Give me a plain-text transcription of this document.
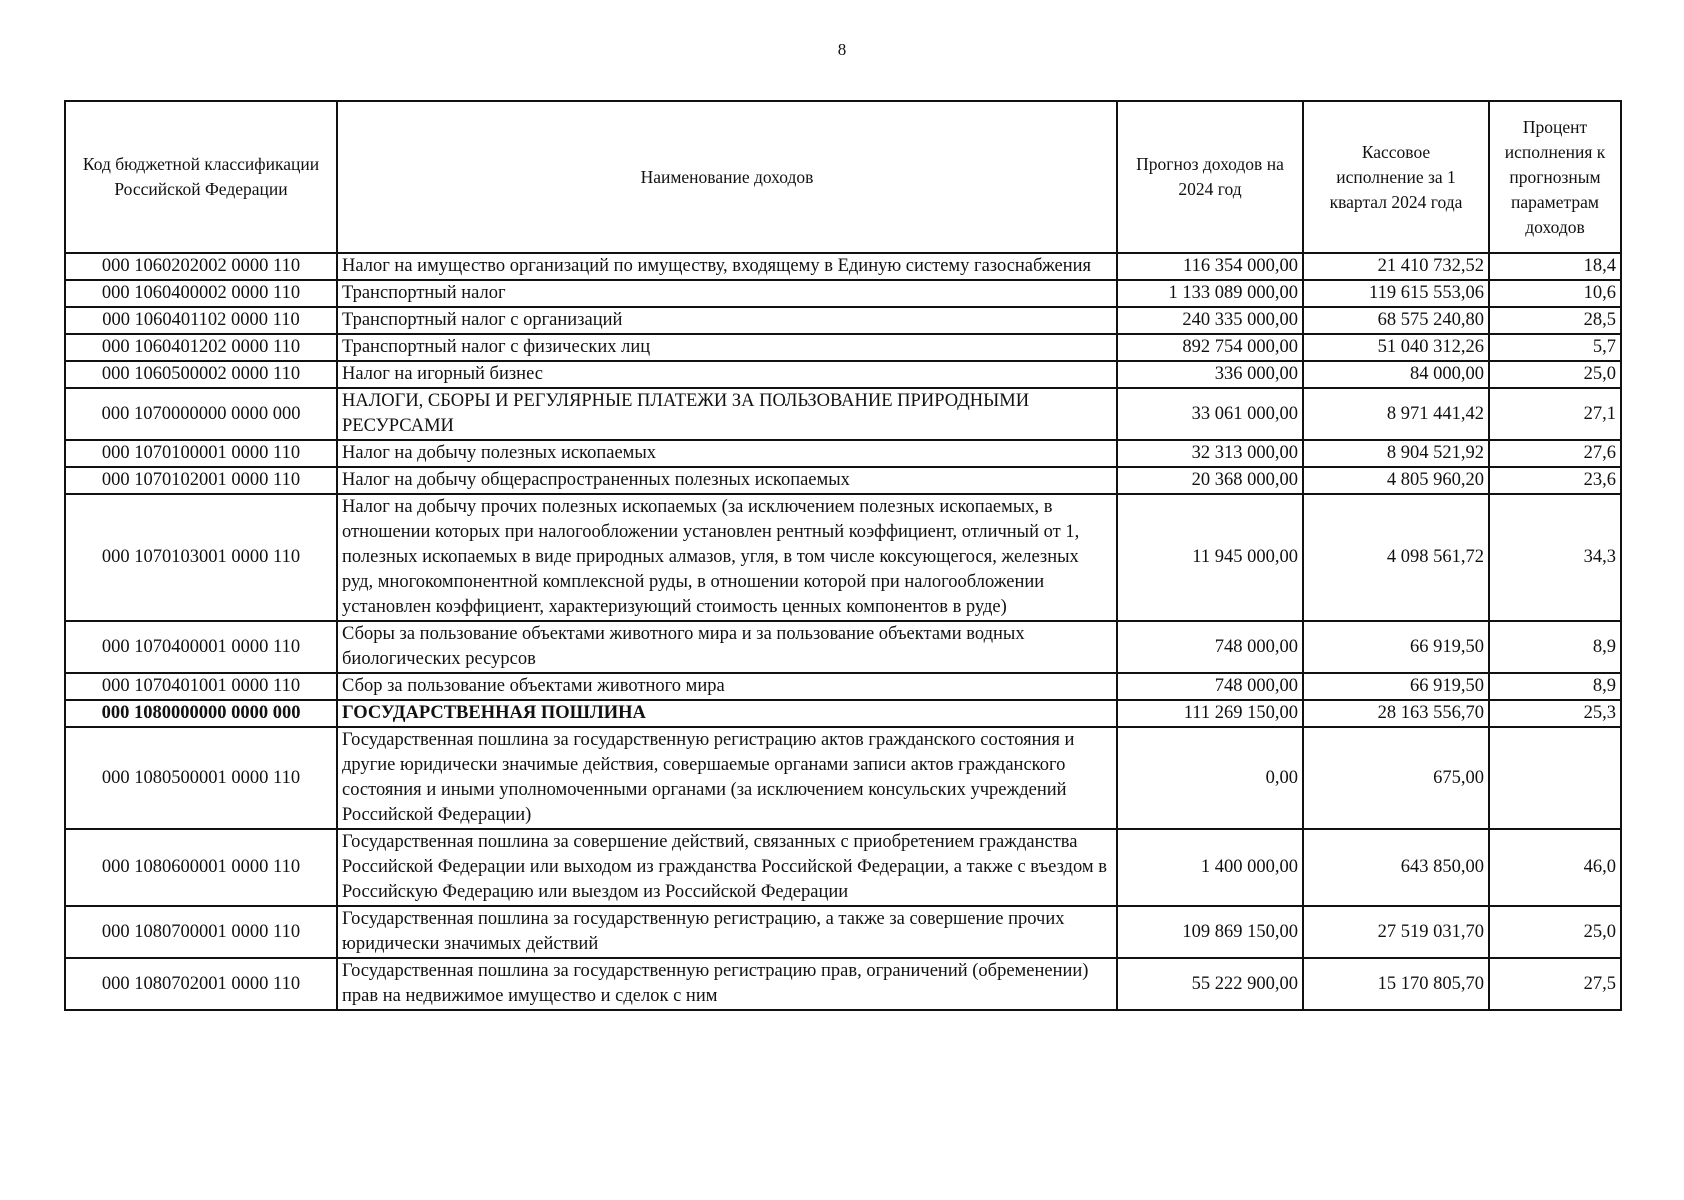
8
Код бюджетной классификации Российской Федерации	Наименование доходов	Прогноз доходов на 2024 год	Кассовое исполнение за 1 квартал 2024 года	Процент исполнения к прогнозным параметрам доходов
000 1060202002 0000 110	Налог на имущество организаций по имуществу, входящему в Единую систему газоснабжения	116 354 000,00	21 410 732,52	18,4
000 1060400002 0000 110	Транспортный налог	1 133 089 000,00	119 615 553,06	10,6
000 1060401102 0000 110	Транспортный налог с организаций	240 335 000,00	68 575 240,80	28,5
000 1060401202 0000 110	Транспортный налог с физических лиц	892 754 000,00	51 040 312,26	5,7
000 1060500002 0000 110	Налог на игорный бизнес	336 000,00	84 000,00	25,0
000 1070000000 0000 000	НАЛОГИ, СБОРЫ И РЕГУЛЯРНЫЕ ПЛАТЕЖИ ЗА ПОЛЬЗОВАНИЕ ПРИРОДНЫМИ РЕСУРСАМИ	33 061 000,00	8 971 441,42	27,1
000 1070100001 0000 110	Налог на добычу полезных ископаемых	32 313 000,00	8 904 521,92	27,6
000 1070102001 0000 110	Налог на добычу общераспространенных полезных ископаемых	20 368 000,00	4 805 960,20	23,6
000 1070103001 0000 110	Налог на добычу прочих полезных ископаемых (за исключением полезных ископаемых, в отношении которых при налогообложении установлен рентный коэффициент, отличный от 1, полезных ископаемых в виде природных алмазов, угля, в том числе коксующегося, железных руд, многокомпонентной комплексной руды, в отношении которой при налогообложении установлен коэффициент, характеризующий стоимость ценных компонентов в руде)	11 945 000,00	4 098 561,72	34,3
000 1070400001 0000 110	Сборы за пользование объектами животного мира и за пользование объектами водных биологических ресурсов	748 000,00	66 919,50	8,9
000 1070401001 0000 110	Сбор за пользование объектами животного мира	748 000,00	66 919,50	8,9
000 1080000000 0000 000	ГОСУДАРСТВЕННАЯ ПОШЛИНА	111 269 150,00	28 163 556,70	25,3
000 1080500001 0000 110	Государственная пошлина за государственную регистрацию актов гражданского состояния и другие юридически значимые действия, совершаемые органами записи актов гражданского состояния и иными уполномоченными органами (за исключением консульских учреждений Российской Федерации)	0,00	675,00	
000 1080600001 0000 110	Государственная пошлина за совершение действий, связанных с приобретением гражданства Российской Федерации или выходом из гражданства Российской Федерации, а также с въездом в Российскую Федерацию или выездом из Российской Федерации	1 400 000,00	643 850,00	46,0
000 1080700001 0000 110	Государственная пошлина за государственную регистрацию, а также за совершение прочих юридически значимых действий	109 869 150,00	27 519 031,70	25,0
000 1080702001 0000 110	Государственная пошлина за государственную регистрацию прав, ограничений (обременении) прав на недвижимое имущество и сделок с ним	55 222 900,00	15 170 805,70	27,5
